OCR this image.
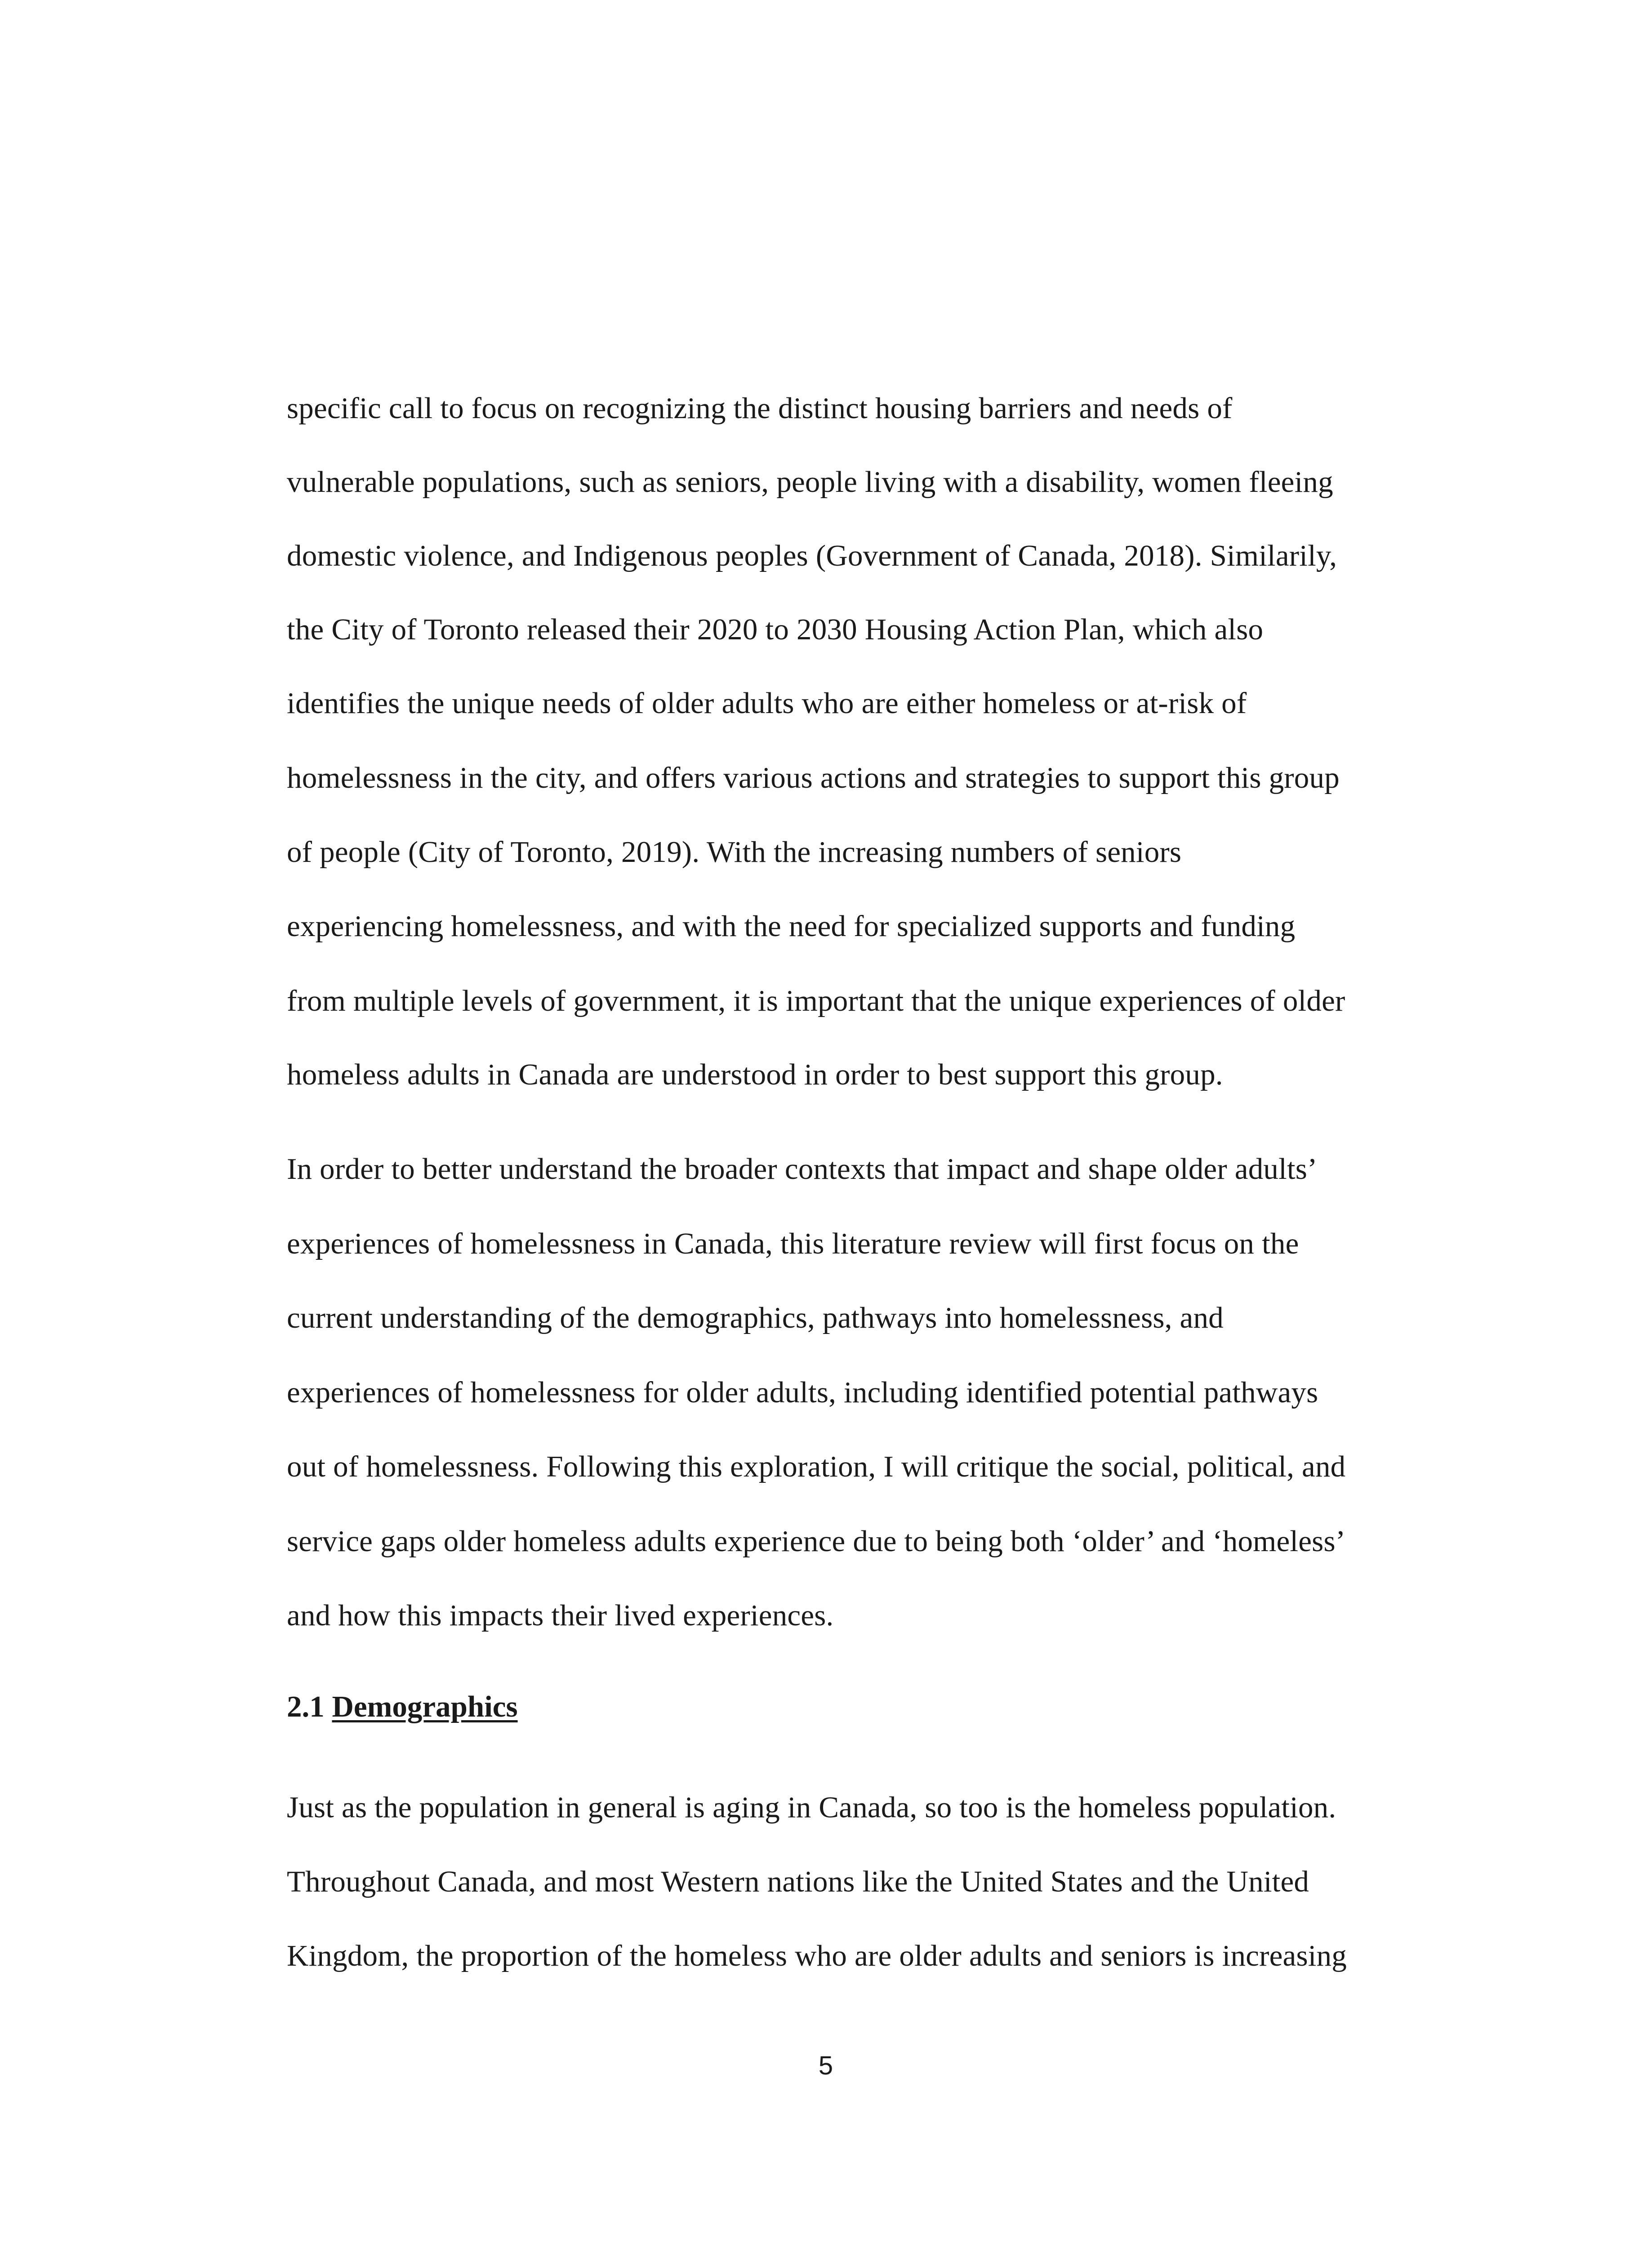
specific call to focus on recognizing the distinct housing barriers and needs of
vulnerable populations, such as seniors, people living with a disability, women fleeing
domestic violence, and Indigenous peoples (Government of Canada, 2018). Similarily,
the City of Toronto released their 2020 to 2030 Housing Action Plan, which also
identifies the unique needs of older adults who are either homeless or at-risk of
homelessness in the city, and offers various actions and strategies to support this group
of people (City of Toronto, 2019). With the increasing numbers of seniors
experiencing homelessness, and with the need for specialized supports and funding
from multiple levels of government, it is important that the unique experiences of older
homeless adults in Canada are understood in order to best support this group.
In order to better understand the broader contexts that impact and shape older adults’
experiences of homelessness in Canada, this literature review will first focus on the
current understanding of the demographics, pathways into homelessness, and
experiences of homelessness for older adults, including identified potential pathways
out of homelessness. Following this exploration, I will critique the social, political, and
service gaps older homeless adults experience due to being both ‘older’ and ‘homeless’
and how this impacts their lived experiences.
2.1 Demographics
Just as the population in general is aging in Canada, so too is the homeless population.
Throughout Canada, and most Western nations like the United States and the United
Kingdom, the proportion of the homeless who are older adults and seniors is increasing
5
